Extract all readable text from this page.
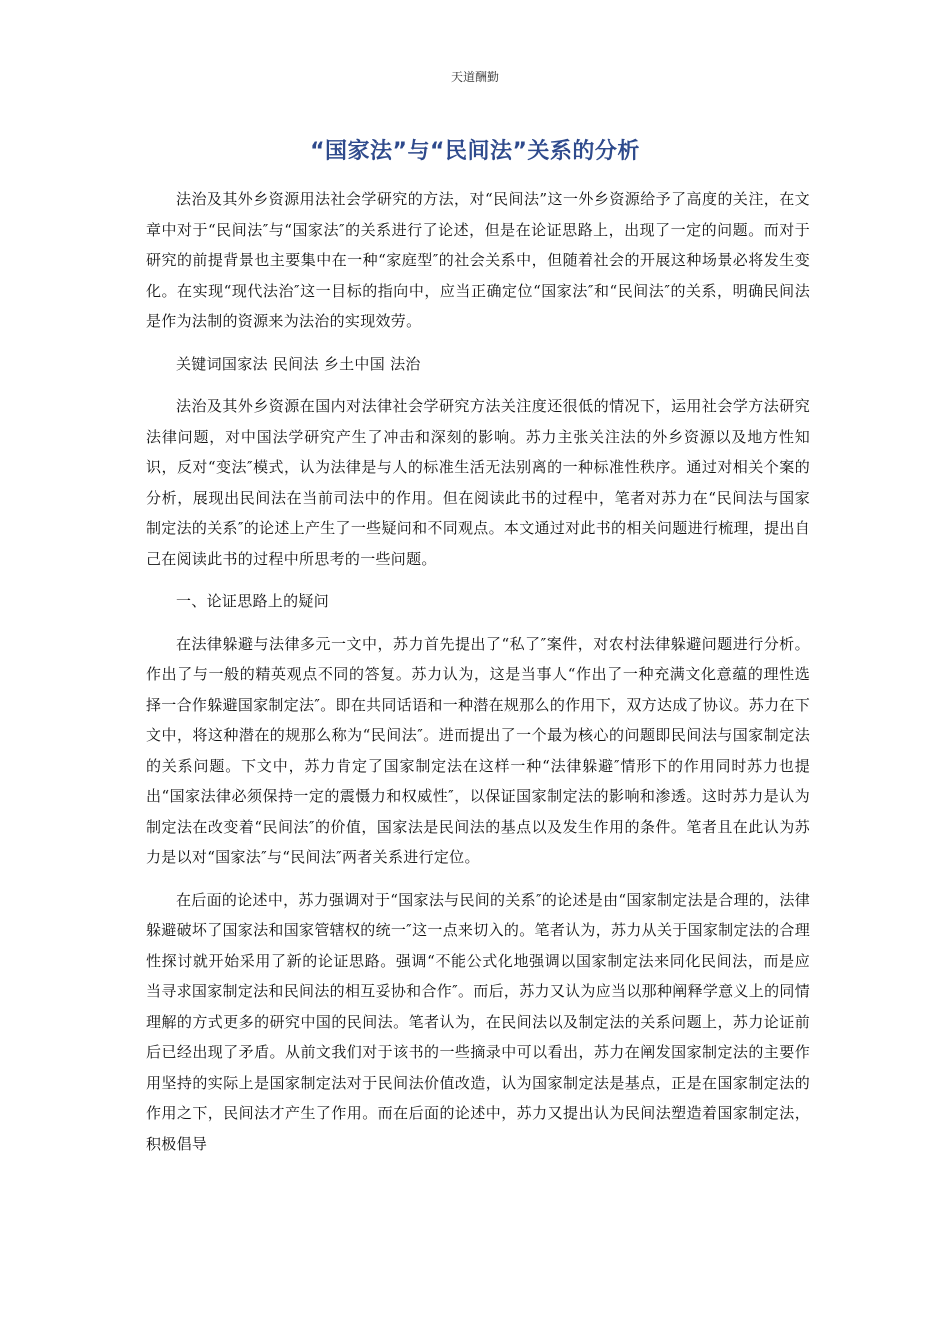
天道酬勤
“国家法”与“民间法”关系的分析

法治及其外乡资源用法社会学研究的方法，对“民间法”这一外乡资源给予了高度的关注，在文章中对于“民间法″与“国家法″的关系进行了论述，但是在论证思路上，出现了一定的问题。而对于研究的前提背景也主要集中在一种“家庭型″的社会关系中，但随着社会的开展这种场景必将发生变化。在实现“现代法治″这一目标的指向中，应当正确定位“国家法″和“民间法″的关系，明确民间法是作为法制的资源来为法治的实现效劳。

关键词国家法 民间法 乡土中国 法治

法治及其外乡资源在国内对法律社会学研究方法关注度还很低的情况下，运用社会学方法研究法律问题，对中国法学研究产生了冲击和深刻的影响。苏力主张关注法的外乡资源以及地方性知识，反对“变法″模式，认为法律是与人的标准生活无法别离的一种标准性秩序。通过对相关个案的分析，展现出民间法在当前司法中的作用。但在阅读此书的过程中，笔者对苏力在“民间法与国家制定法的关系″的论述上产生了一些疑问和不同观点。本文通过对此书的相关问题进行梳理，提出自己在阅读此书的过程中所思考的一些问题。

一、论证思路上的疑问

在法律躲避与法律多元一文中，苏力首先提出了“私了″案件，对农村法律躲避问题进行分析。作出了与一般的精英观点不同的答复。苏力认为，这是当事人“作出了一种充满文化意蕴的理性选择一合作躲避国家制定法″。即在共同话语和一种潜在规那么的作用下，双方达成了协议。苏力在下文中，将这种潜在的规那么称为“民间法″。进而提出了一个最为核心的问题即民间法与国家制定法的关系问题。下文中，苏力肯定了国家制定法在这样一种“法律躲避″情形下的作用同时苏力也提出“国家法律必须保持一定的震慑力和权威性″，以保证国家制定法的影响和渗透。这时苏力是认为制定法在改变着“民间法″的价值，国家法是民间法的基点以及发生作用的条件。笔者且在此认为苏力是以对“国家法″与“民间法″两者关系进行定位。

在后面的论述中，苏力强调对于“国家法与民间的关系″的论述是由“国家制定法是合理的，法律躲避破坏了国家法和国家管辖权的统一″这一点来切入的。笔者认为，苏力从关于国家制定法的合理性探讨就开始采用了新的论证思路。强调“不能公式化地强调以国家制定法来同化民间法，而是应当寻求国家制定法和民间法的相互妥协和合作″。而后，苏力又认为应当以那种阐释学意义上的同情理解的方式更多的研究中国的民间法。笔者认为，在民间法以及制定法的关系问题上，苏力论证前后已经出现了矛盾。从前文我们对于该书的一些摘录中可以看出，苏力在阐发国家制定法的主要作用坚持的实际上是国家制定法对于民间法价值改造，认为国家制定法是基点，正是在国家制定法的作用之下，民间法才产生了作用。而在后面的论述中，苏力又提出认为民间法塑造着国家制定法，积极倡导
